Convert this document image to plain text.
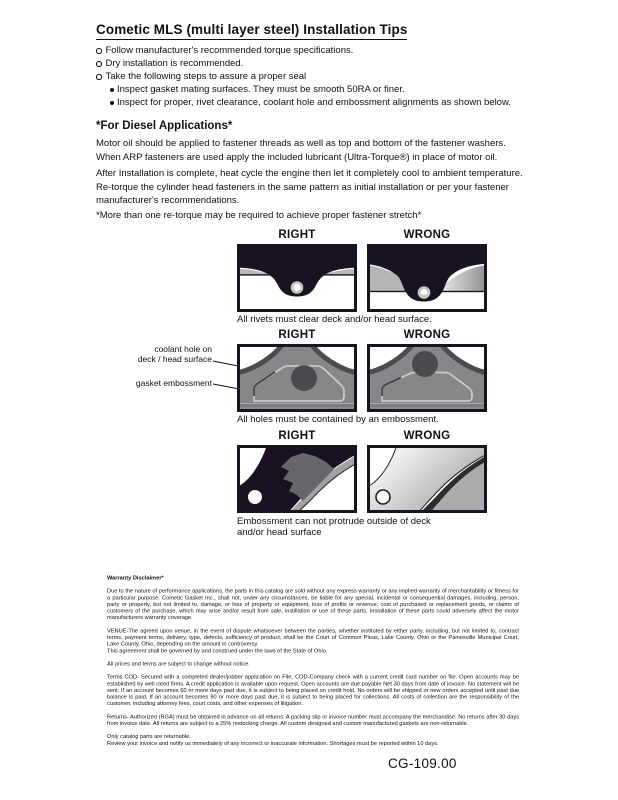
Cometic MLS (multi layer steel) Installation Tips
Follow manufacturer's recommended torque specifications.
Dry installation is recommended.
Take the following steps to assure a proper seal
Inspect gasket mating surfaces. They must be smooth 50RA or finer.
Inspect for proper, rivet clearance, coolant hole and embossment alignments as shown below.
*For Diesel Applications*
Motor oil should be applied to fastener threads as well as top and bottom of the fastener washers. When ARP fasteners are used apply the included lubricant (Ultra-Torque®) in place of motor oil.
After Installation is complete, heat cycle the engine then let it completely cool to ambient temperature. Re-torque the cylinder head fasteners in the same pattern as initial installation or per your fastener manufacturer's recommendations.
*More than one re-torque may be required to achieve proper fastener stretch*
RIGHT	WRONG
All rivets must clear deck and/or head surface.
coolant hole on
deck / head surface
gasket embossment
RIGHT	WRONG
All holes must be contained by an embossment.
RIGHT	WRONG
Embossment can not protrude outside of deck and/or head surface
Warranty Disclaimer*

Due to the nature of performance applications, the parts in this catalog are sold without any express warranty or any implied warranty of merchantability or fitness for a particular purpose. Cometic Gasket Inc., shall not, under any circumstances, be liable for any special, incidental or consequential damages, including, person, party or property, but not limited to, damage, or loss of property or equipment, loss of profits or revenue, cost of purchased or replacement goods, or claims of customers of the purchase, which may arise and/or result from sale, instillation or use of these parts. Installation of these parts could adversely affect the motor manufacturers warranty coverage.

VENUE-The agreed upon venue, in the event of dispute whatsoever between the parties, whether instituted by either party, including, but not limited to, contract terms, payment terms, delivery, type, defects, sufficiency of product, shall be the Court of Common Pleas, Lake County, Ohio or the Painesville Municipal Court, Lake County, Ohio, depending on the amount in controversy.

This agreement shall be governed by and construed under the laws of the State of Ohio.

All prices and terms are subject to change without notice.

Terms COD- Secured with a completed dealer/jobber application on File, COD-Company check with a current credit card number on file. Open accounts may be established by well rated firms. A credit application is available upon request. Open accounts are due payable Net 30 days from date of invoice. No statement will be sent. If an account becomes 60 or more days past due, it is subject to being placed on credit hold. No orders will be shipped or new orders accepted until past due balance is paid. If an account becomes 90 or more days past due, it is subject to being placed for collections. All costs of collection are the responsibility of the customer, including attorney fees, court costs, and other expenses of litigation.

Returns- Authorized (RGA) must be obtained in advance on all returns. A packing slip or invoice number must accompany the merchandise. No returns after 30 days from invoice date. All returns are subject to a 25% restocking charge. All custom designed and custom manufactured gaskets are non-returnable.

Only catalog parts are returnable.

Review your invoice and notify us immediately of any incorrect or inaccurate information. Shortages must be reported within 10 days.

CG-109.00
